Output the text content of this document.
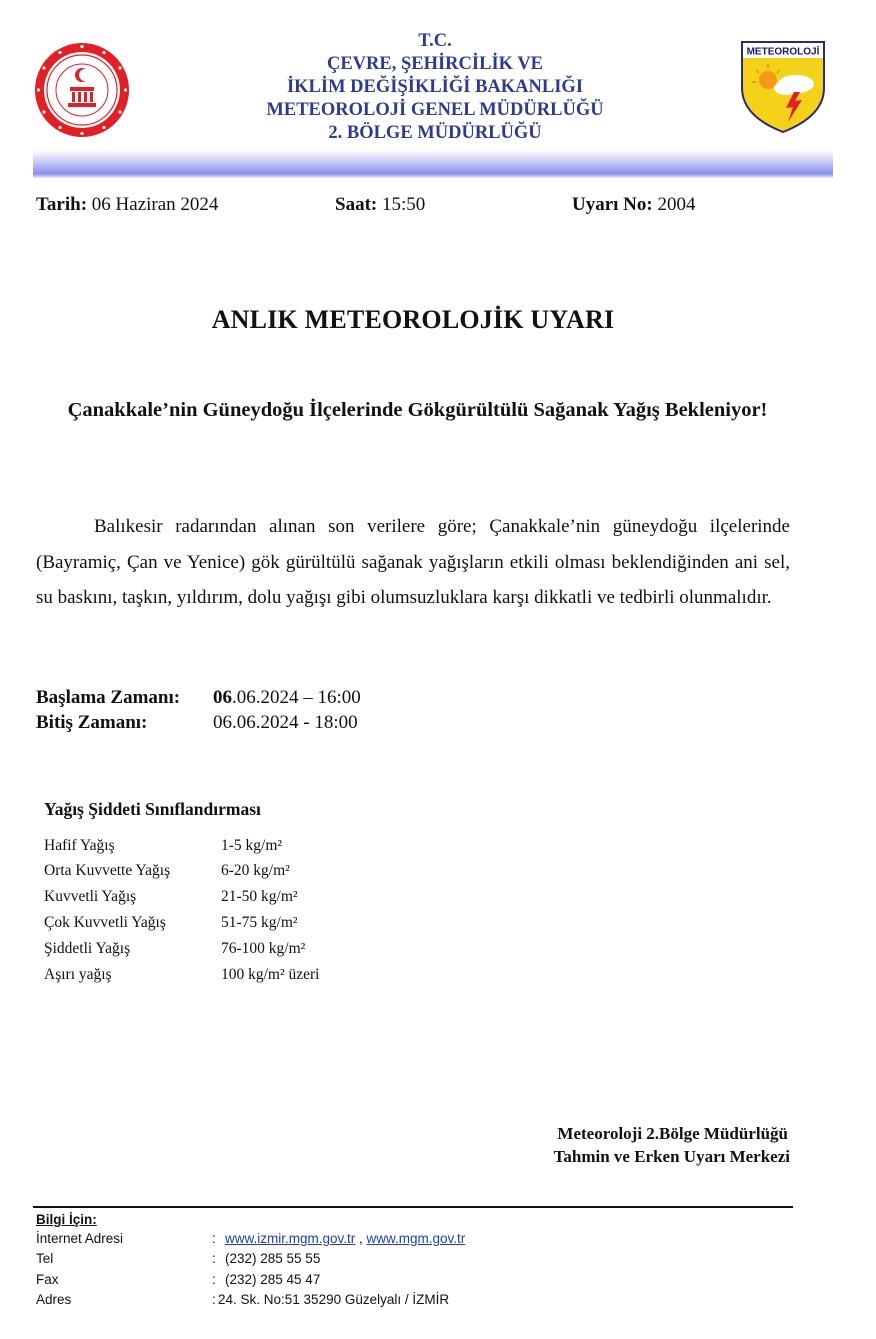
T.C.
ÇEVRE, ŞEHİRCİLİK VE
İKLİM DEĞİŞİKLİĞİ BAKANLIĞI
METEOROLOJİ GENEL MÜDÜRLÜĞÜ
2. BÖLGE MÜDÜRLÜĞÜ
METEOROLOJİ
Tarih: 06 Haziran 2024	Saat: 15:50	Uyarı No: 2004
ANLIK METEOROLOJİK UYARI
Çanakkale’nin Güneydoğu İlçelerinde Gökgürültülü Sağanak Yağış Bekleniyor!
Balıkesir radarından alınan son verilere göre; Çanakkale’nin güneydoğu ilçelerinde (Bayramiç, Çan ve Yenice) gök gürültülü sağanak yağışların etkili olması beklendiğinden ani sel, su baskını, taşkın, yıldırım, dolu yağışı gibi olumsuzluklara karşı dikkatli ve tedbirli olunmalıdır.
Başlama Zamanı: 06.06.2024 – 16:00
Bitiş Zamanı:	06.06.2024 - 18:00
Yağış Şiddeti Sınıflandırması
Hafif Yağış	1-5 kg/m²
Orta Kuvvette Yağış	6-20 kg/m²
Kuvvetli Yağış	21-50 kg/m²
Çok Kuvvetli Yağış	51-75 kg/m²
Şiddetli Yağış	76-100 kg/m²
Aşırı yağış	100 kg/m² üzeri
Meteoroloji 2.Bölge Müdürlüğü
Tahmin ve Erken Uyarı Merkezi
Bilgi İçin:
İnternet Adresi	: www.izmir.mgm.gov.tr , www.mgm.gov.tr
Tel	: (232) 285 55 55
Fax	: (232) 285 45 47
Adres	: 24. Sk. No:51 35290 Güzelyalı / İZMİR
